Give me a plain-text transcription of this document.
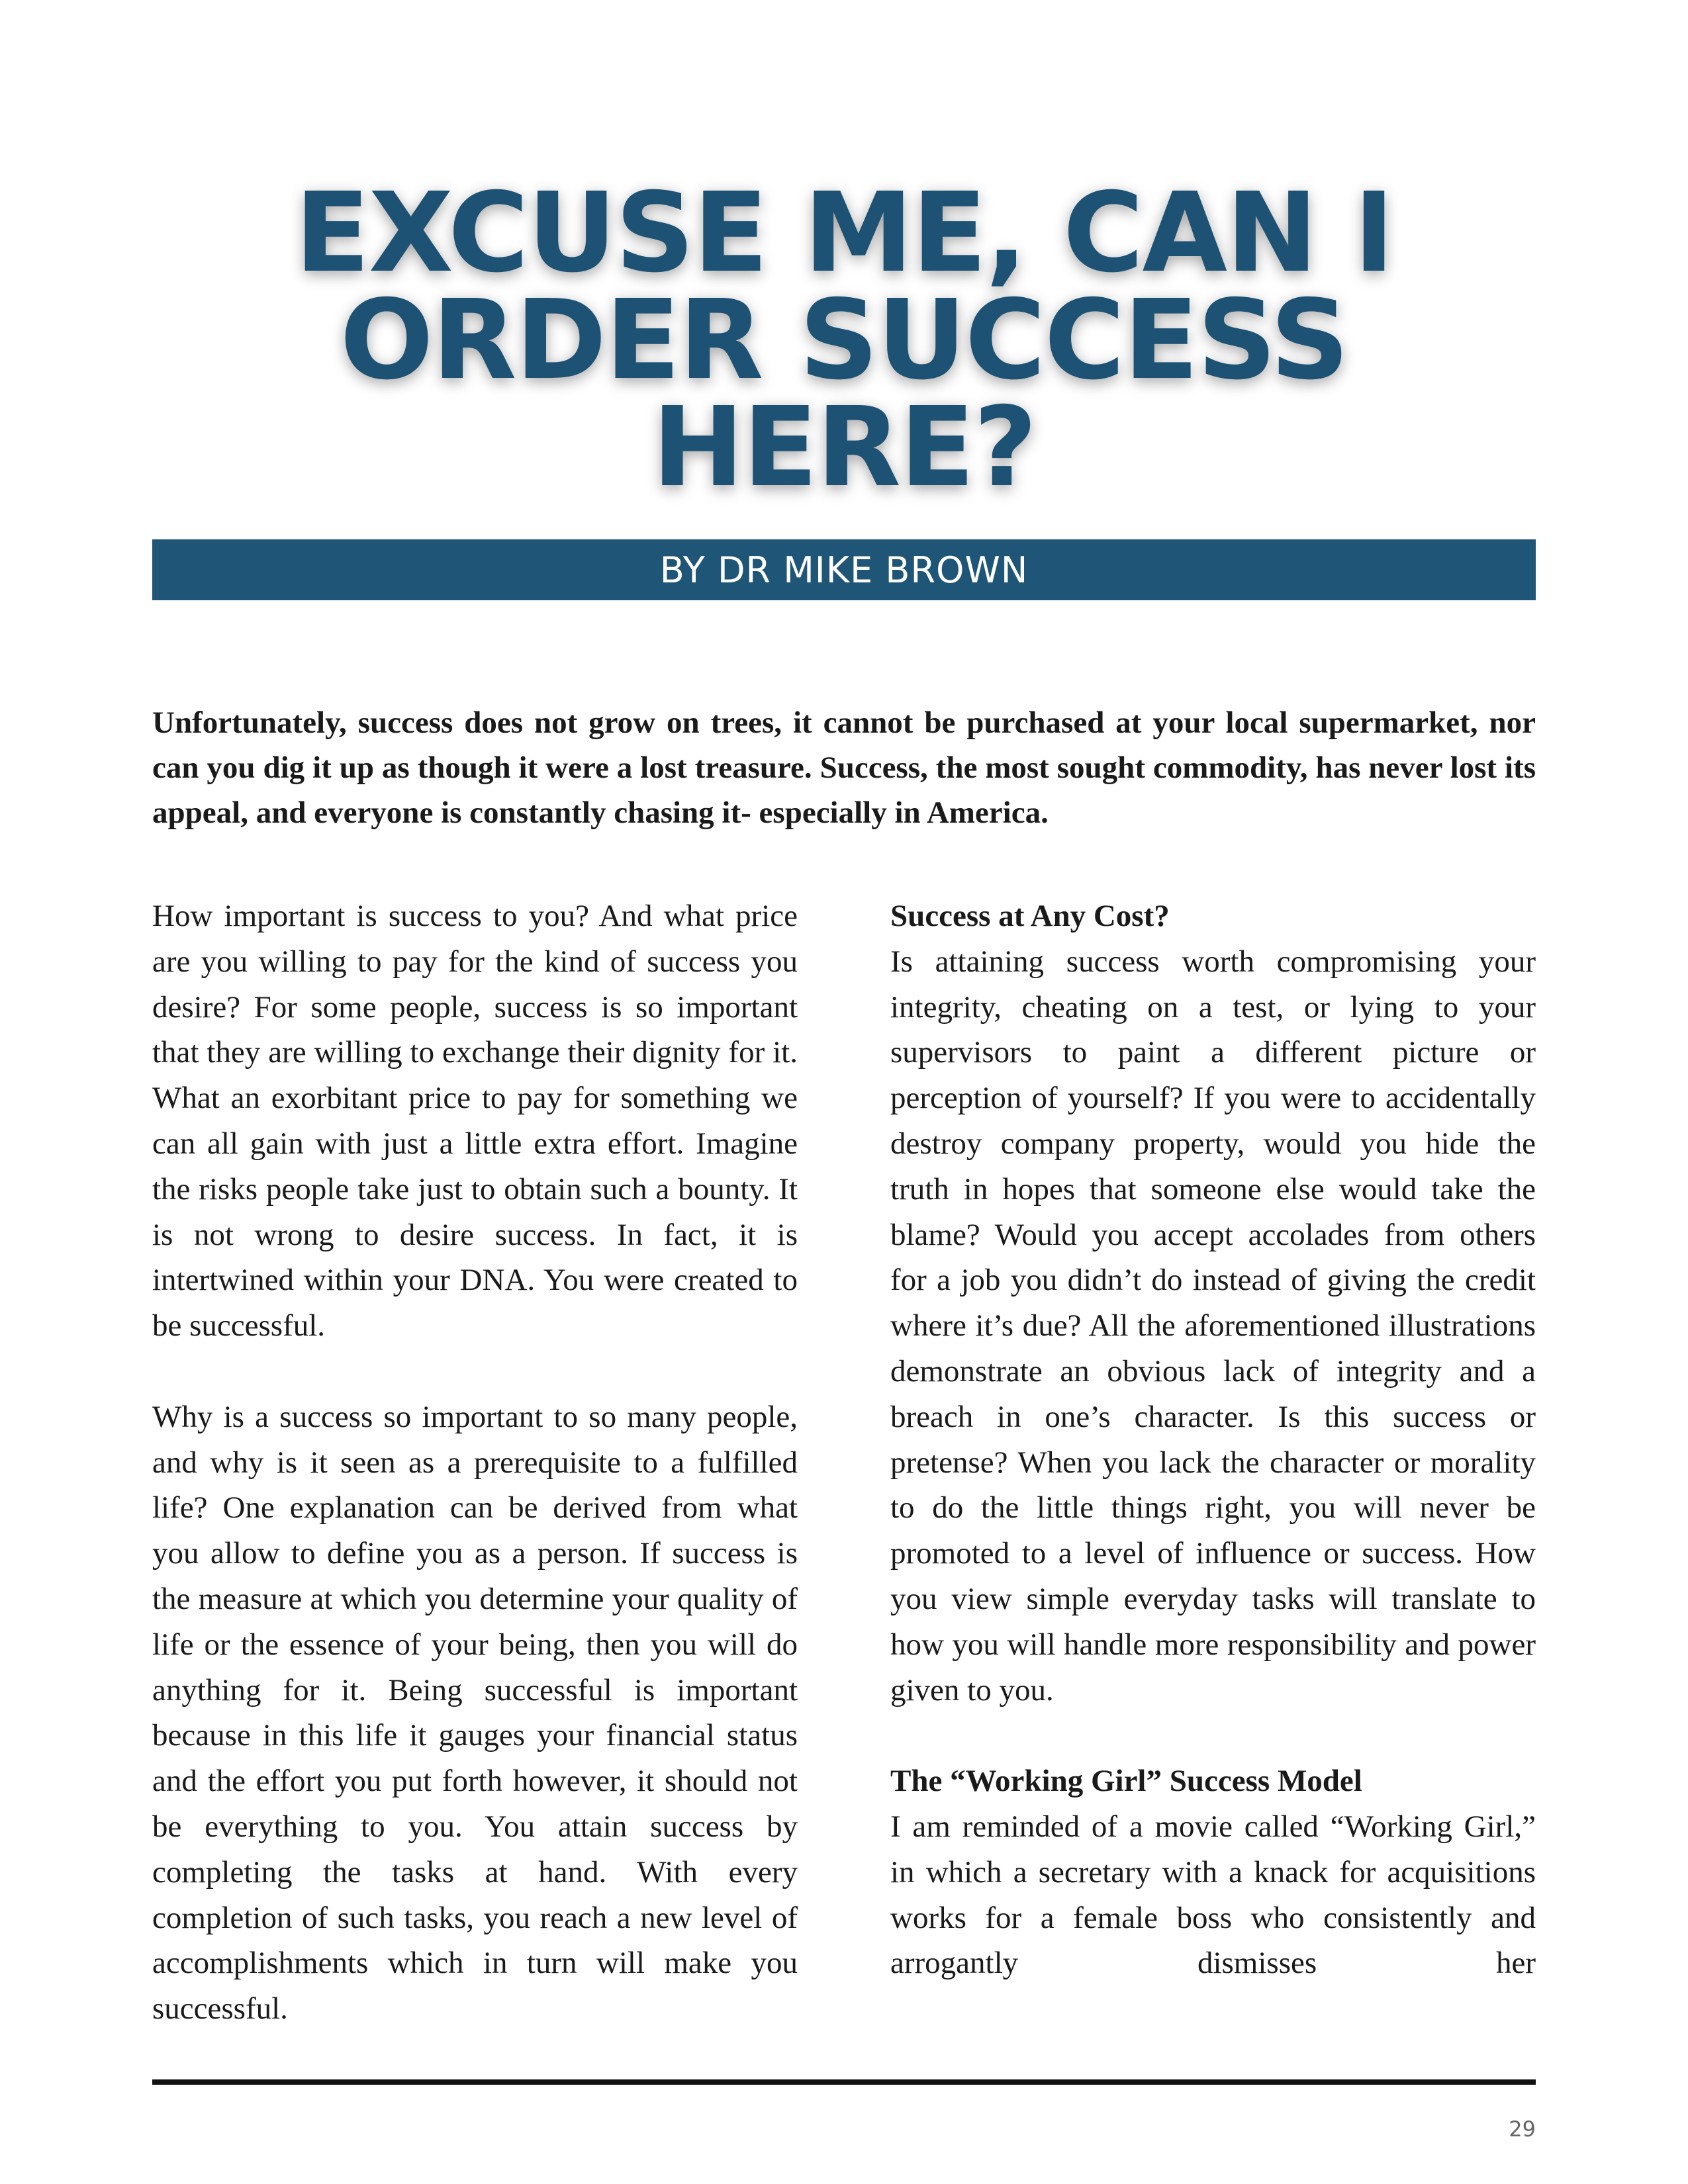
EXCUSE ME, CAN I ORDER SUCCESS HERE?
BY DR MIKE BROWN

Unfortunately, success does not grow on trees, it cannot be purchased at your local supermarket, nor can you dig it up as though it were a lost treasure. Success, the most sought commodity, has never lost its appeal, and everyone is constantly chasing it- especially in America.

How important is success to you? And what price are you willing to pay for the kind of success you desire? For some people, success is so important that they are willing to exchange their dignity for it. What an exorbitant price to pay for something we can all gain with just a little extra effort. Imagine the risks people take just to obtain such a bounty. It is not wrong to desire success. In fact, it is intertwined within your DNA. You were created to be successful.

Why is a success so important to so many people, and why is it seen as a prerequisite to a fulfilled life? One explanation can be derived from what you allow to define you as a person. If success is the measure at which you determine your quality of life or the essence of your being, then you will do anything for it. Being successful is important because in this life it gauges your financial status and the effort you put forth however, it should not be everything to you. You attain success by completing the tasks at hand. With every completion of such tasks, you reach a new level of accomplishments which in turn will make you successful.

Success at Any Cost?

Is attaining success worth compromising your integrity, cheating on a test, or lying to your supervisors to paint a different picture or perception of yourself? If you were to accidentally destroy company property, would you hide the truth in hopes that someone else would take the blame? Would you accept accolades from others for a job you didn’t do instead of giving the credit where it’s due? All the aforementioned illustrations demonstrate an obvious lack of integrity and a breach in one’s character. Is this success or pretense? When you lack the character or morality to do the little things right, you will never be promoted to a level of influence or success. How you view simple everyday tasks will translate to how you will handle more responsibility and power given to you.

The “Working Girl” Success Model

I am reminded of a movie called “Working Girl,” in which a secretary with a knack for acquisitions works for a female boss who consistently and arrogantly dismisses her

29
